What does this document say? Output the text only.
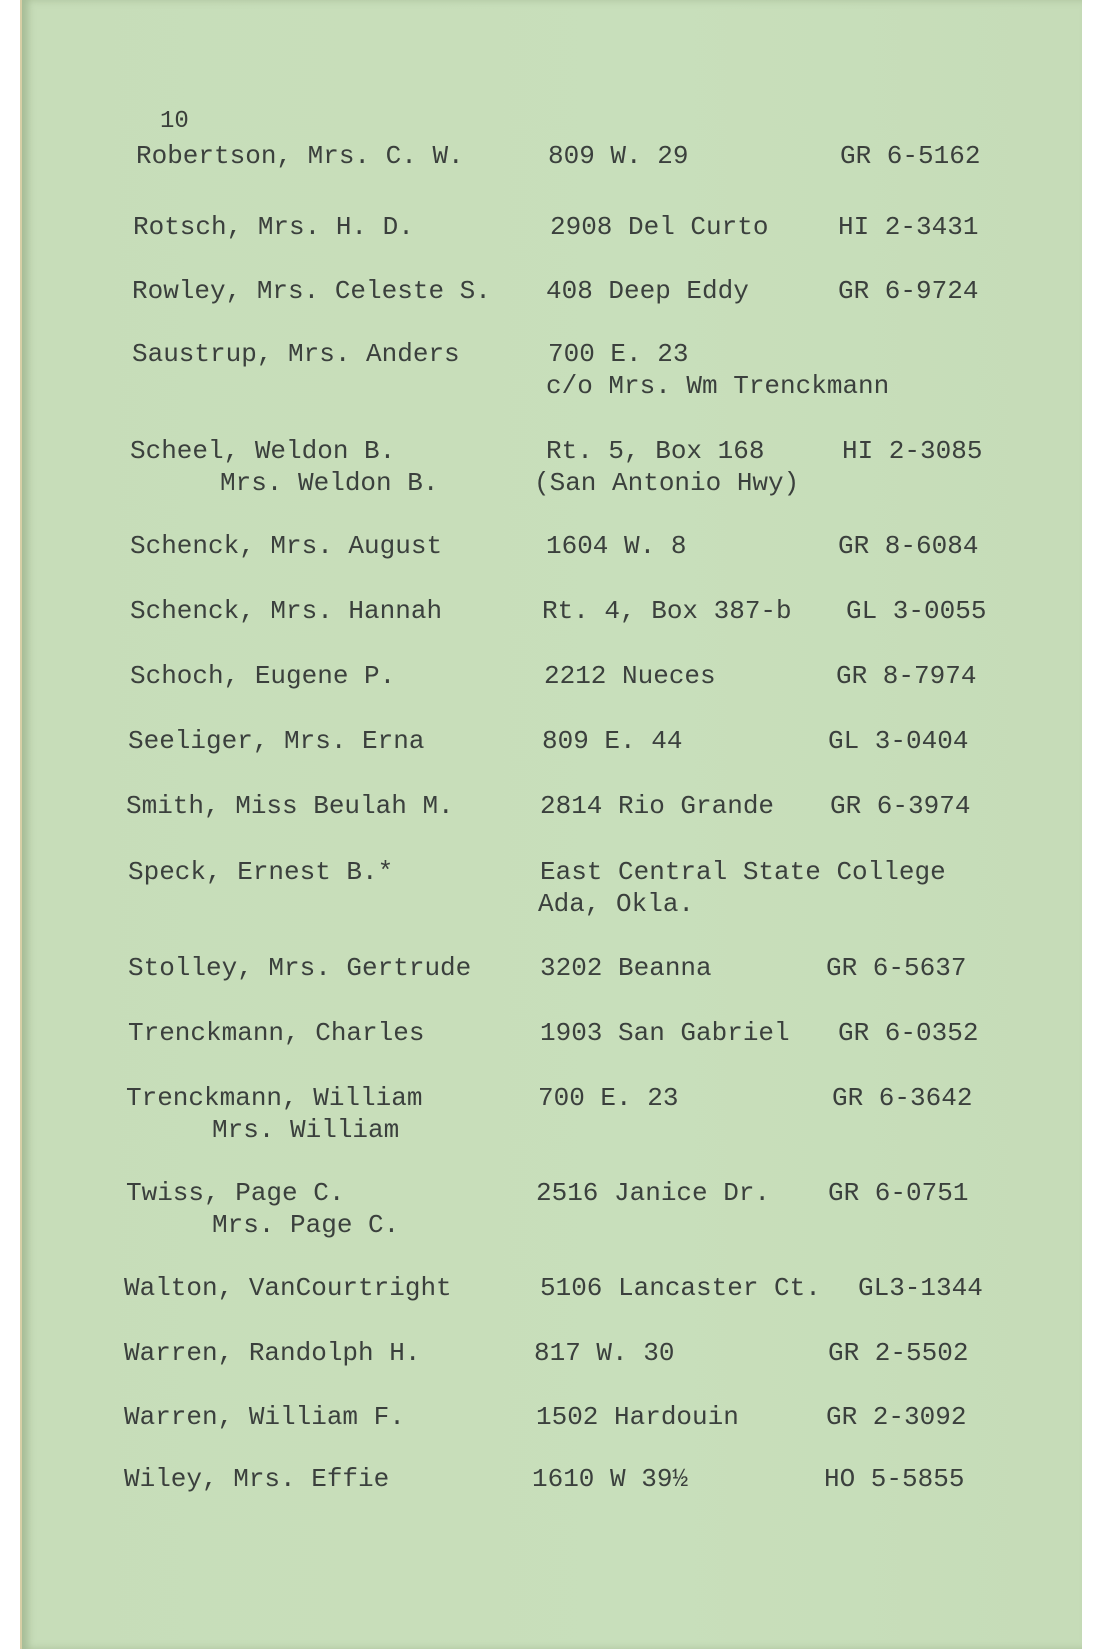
10
Robertson, Mrs. C. W.	809 W. 29	GR 6-5162
Rotsch, Mrs. H. D.	2908 Del Curto	HI 2-3431
Rowley, Mrs. Celeste S. 408 Deep Eddy	GR 6-9724
Saustrup, Mrs. Anders	700 E. 23
c/o Mrs. Wm Trenckmann
Scheel, Weldon B.	Rt. 5, Box 168	HI 2-3085
Mrs. Weldon B.	(San Antonio Hwy)
Schenck, Mrs. August	1604 W. 8	GR 8-6084
Schenck, Mrs. Hannah	Rt. 4, Box 387-b GL 3-0055
Schoch, Eugene P.	2212 Nueces	GR 8-7974
Seeliger, Mrs. Erna	809 E. 44	GL 3-0404
Smith, Miss Beulah M.	2814 Rio Grande GR 6-3974
Speck, Ernest B.*	East Central State College
Ada, Okla.
Stolley, Mrs. Gertrude	3202 Beanna	GR 6-5637
Trenckmann, Charles	1903 San Gabriel GR 6-0352
Trenckmann, William	700 E. 23	GR 6-3642
Mrs. William
Twiss, Page C.	2516 Janice Dr. GR 6-0751
Mrs. Page C.
Walton, VanCourtright	5106 Lancaster Ct. GL3-1344
Warren, Randolph H.	817 W. 30	GR 2-5502
Warren, William F.	1502 Hardouin	GR 2-3092
Wiley, Mrs. Effie	1610 W 39½	HO 5-5855
